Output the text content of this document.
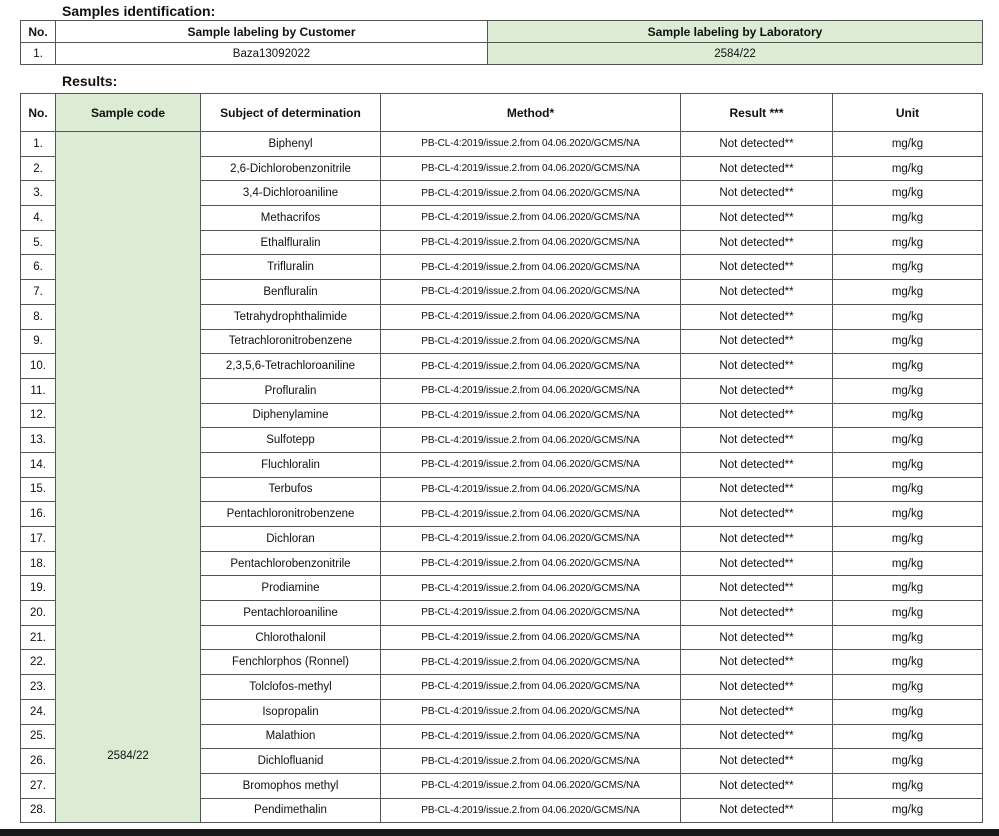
Samples identification:
No.	Sample labeling by Customer	Sample labeling by Laboratory
1.	Baza13092022	2584/22
Results:
No.	Sample code	Subject of determination	Method*	Result ***	Unit
1.	2584/22	Biphenyl	PB-CL-4:2019/issue.2.from 04.06.2020/GCMS/NA	Not detected**	mg/kg
2.		2,6-Dichlorobenzonitrile	PB-CL-4:2019/issue.2.from 04.06.2020/GCMS/NA	Not detected**	mg/kg
3.		3,4-Dichloroaniline	PB-CL-4:2019/issue.2.from 04.06.2020/GCMS/NA	Not detected**	mg/kg
4.		Methacrifos	PB-CL-4:2019/issue.2.from 04.06.2020/GCMS/NA	Not detected**	mg/kg
5.		Ethalfluralin	PB-CL-4:2019/issue.2.from 04.06.2020/GCMS/NA	Not detected**	mg/kg
6.		Trifluralin	PB-CL-4:2019/issue.2.from 04.06.2020/GCMS/NA	Not detected**	mg/kg
7.		Benfluralin	PB-CL-4:2019/issue.2.from 04.06.2020/GCMS/NA	Not detected**	mg/kg
8.		Tetrahydrophthalimide	PB-CL-4:2019/issue.2.from 04.06.2020/GCMS/NA	Not detected**	mg/kg
9.		Tetrachloronitrobenzene	PB-CL-4:2019/issue.2.from 04.06.2020/GCMS/NA	Not detected**	mg/kg
10.		2,3,5,6-Tetrachloroaniline	PB-CL-4:2019/issue.2.from 04.06.2020/GCMS/NA	Not detected**	mg/kg
11.		Profluralin	PB-CL-4:2019/issue.2.from 04.06.2020/GCMS/NA	Not detected**	mg/kg
12.		Diphenylamine	PB-CL-4:2019/issue.2.from 04.06.2020/GCMS/NA	Not detected**	mg/kg
13.		Sulfotepp	PB-CL-4:2019/issue.2.from 04.06.2020/GCMS/NA	Not detected**	mg/kg
14.		Fluchloralin	PB-CL-4:2019/issue.2.from 04.06.2020/GCMS/NA	Not detected**	mg/kg
15.		Terbufos	PB-CL-4:2019/issue.2.from 04.06.2020/GCMS/NA	Not detected**	mg/kg
16.		Pentachloronitrobenzene	PB-CL-4:2019/issue.2.from 04.06.2020/GCMS/NA	Not detected**	mg/kg
17.		Dichloran	PB-CL-4:2019/issue.2.from 04.06.2020/GCMS/NA	Not detected**	mg/kg
18.		Pentachlorobenzonitrile	PB-CL-4:2019/issue.2.from 04.06.2020/GCMS/NA	Not detected**	mg/kg
19.		Prodiamine	PB-CL-4:2019/issue.2.from 04.06.2020/GCMS/NA	Not detected**	mg/kg
20.		Pentachloroaniline	PB-CL-4:2019/issue.2.from 04.06.2020/GCMS/NA	Not detected**	mg/kg
21.		Chlorothalonil	PB-CL-4:2019/issue.2.from 04.06.2020/GCMS/NA	Not detected**	mg/kg
22.		Fenchlorphos (Ronnel)	PB-CL-4:2019/issue.2.from 04.06.2020/GCMS/NA	Not detected**	mg/kg
23.		Tolclofos-methyl	PB-CL-4:2019/issue.2.from 04.06.2020/GCMS/NA	Not detected**	mg/kg
24.		Isopropalin	PB-CL-4:2019/issue.2.from 04.06.2020/GCMS/NA	Not detected**	mg/kg
25.		Malathion	PB-CL-4:2019/issue.2.from 04.06.2020/GCMS/NA	Not detected**	mg/kg
26.		Dichlofluanid	PB-CL-4:2019/issue.2.from 04.06.2020/GCMS/NA	Not detected**	mg/kg
27.		Bromophos methyl	PB-CL-4:2019/issue.2.from 04.06.2020/GCMS/NA	Not detected**	mg/kg
28.		Pendimethalin	PB-CL-4:2019/issue.2.from 04.06.2020/GCMS/NA	Not detected**	mg/kg
